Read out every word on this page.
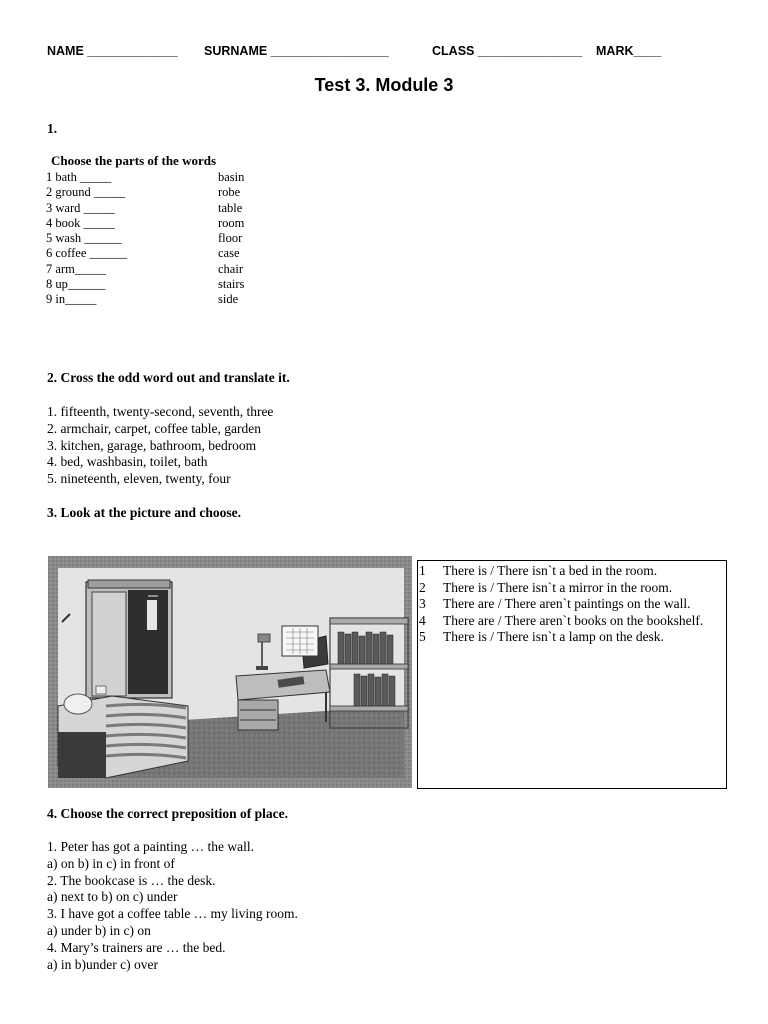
NAME _____________ SURNAME _________________	CLASS _______________ MARK____
Test 3. Module 3
1.
Choose the parts of the words
1 bath _____
2 ground _____
3 ward _____
4 book _____
5 wash ______
6 coffee ______
7 arm_____
8 up______
9 in_____
basin
robe
table
room
floor
case
chair
stairs
side
2. Cross the odd word out and translate it.
1. fifteenth, twenty-second, seventh, three
2. armchair, carpet, coffee table, garden
3. kitchen, garage, bathroom, bedroom
4. bed, washbasin, toilet, bath
5. nineteenth, eleven, twenty, four
3. Look at the picture and choose.
1 There is / There isn`t a bed in the room.
2 There is / There isn`t a mirror in the room.
3 There are / There aren`t paintings on the wall.
4 There are / There aren`t books on the bookshelf.
5 There is / There isn`t a lamp on the desk.
4. Choose the correct preposition of place.
1. Peter has got a painting … the wall.
a) on b) in c) in front of
2. The bookcase is … the desk.
a) next to b) on c) under
3. I have got a coffee table … my living room.
a) under b) in c) on
4. Mary’s trainers are … the bed.
a) in b)under c) over
